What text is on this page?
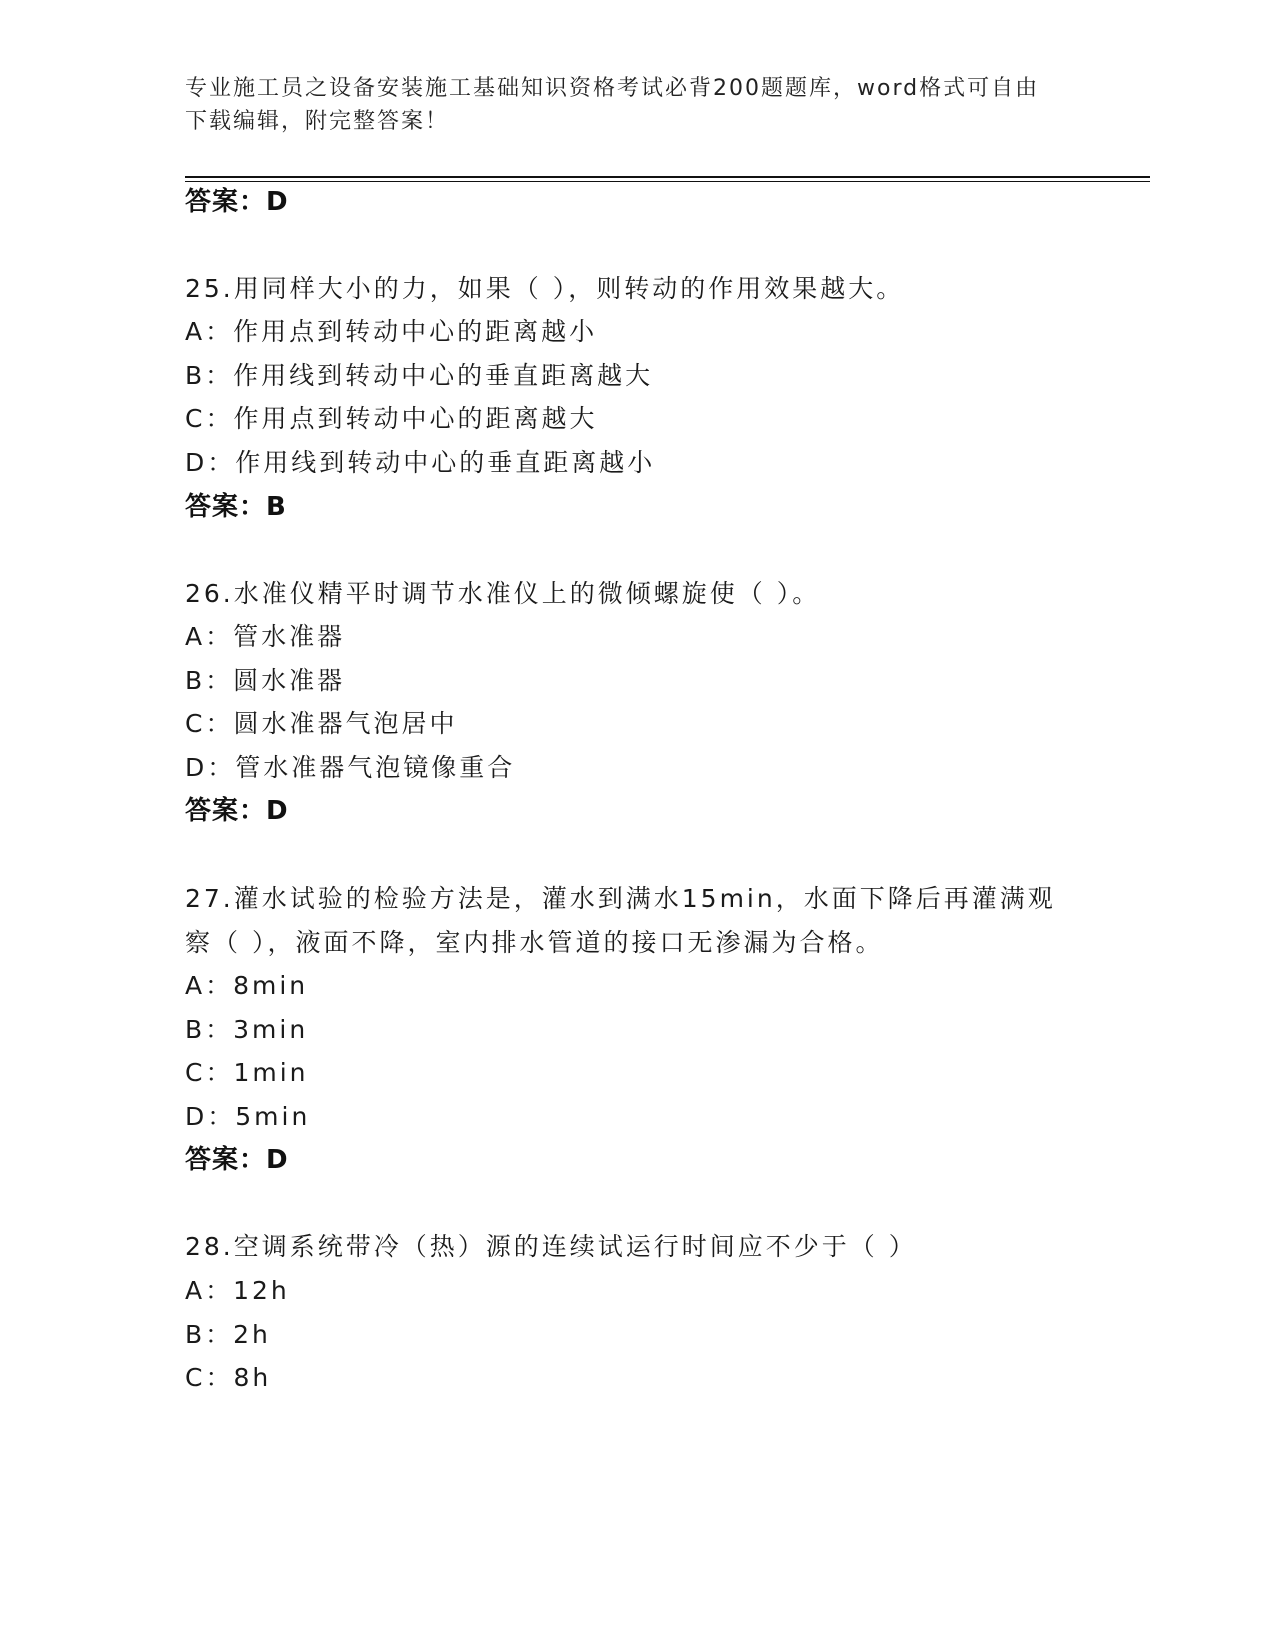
专业施工员之设备安装施工基础知识资格考试必背200题题库，word格式可自由
下载编辑，附完整答案！
答案：D
25.用同样大小的力，如果（ ），则转动的作用效果越大。
A：作用点到转动中心的距离越小
B：作用线到转动中心的垂直距离越大
C：作用点到转动中心的距离越大
D：作用线到转动中心的垂直距离越小
答案：B
26.水准仪精平时调节水准仪上的微倾螺旋使（ ）。
A：管水准器
B：圆水准器
C：圆水准器气泡居中
D：管水准器气泡镜像重合
答案：D
27.灌水试验的检验方法是，灌水到满水15min，水面下降后再灌满观
察（ ），液面不降，室内排水管道的接口无渗漏为合格。
A：8min
B：3min
C：1min
D：5min
答案：D
28.空调系统带冷（热）源的连续试运行时间应不少于（ ）
A：12h
B：2h
C：8h
